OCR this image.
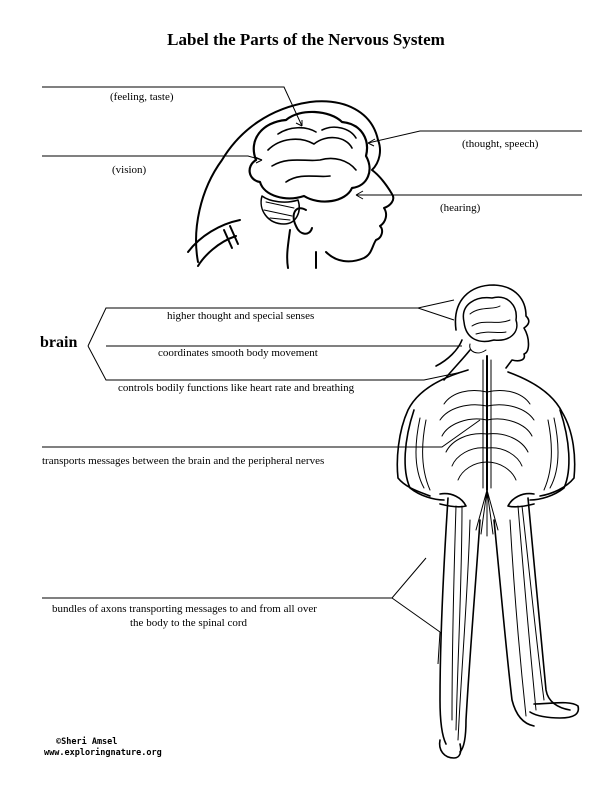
Label the Parts of the Nervous System
(feeling, taste)
(vision)
(thought, speech)
(hearing)
brain
higher thought and special senses
coordinates smooth body movement
controls bodily functions like heart rate and breathing
transports messages between the brain and the peripheral nerves
bundles of axons transporting messages to and from all over
the body to the spinal cord
©Sheri Amsel
www.exploringnature.org
